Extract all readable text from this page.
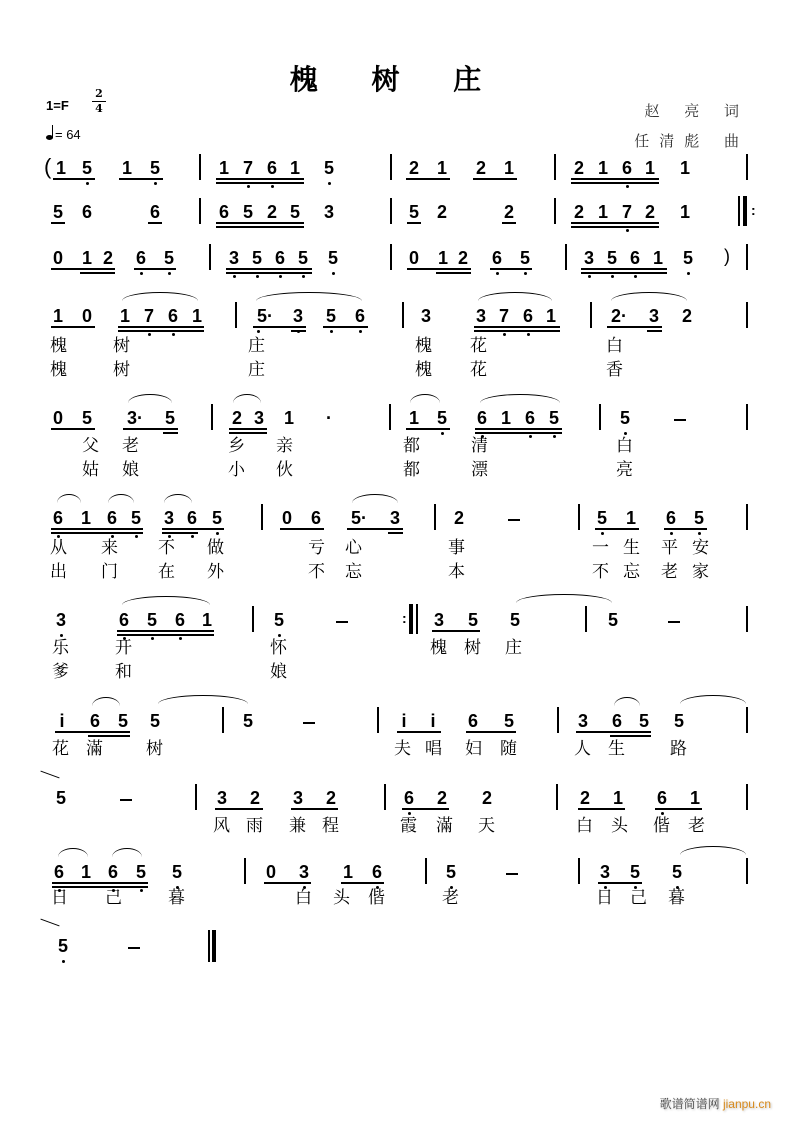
槐 树 庄
1=F
2
4
= 64
赵 亮 词
任清彪 曲
( 1 5 1 5	1 7 6 1 5	2 1 2 1	2 1 6 1 1
5 6	6	6 5 2 5 3	5 2	2	2 1 7 2 1	:
0 1 2 6 5	3 5 6 5 5	0 1 2 6 5	3 5 6 1 5 )
1 0 1 7 6 1	5· 3 5 6	3 3 7 6 1	2· 3 2
槐	树	庄	槐 花	白
槐	树	庄	槐 花	香
0 5 3· 5	2 3 1 ·	1 5 6 1 6 5	5
父 老	乡 亲	都	清	白
姑 娘	小 伙	都	漂	亮
6 1 6 5 3 6 5	0 6 5· 3	2	5 1 6 5
从 来 不 做	亏 心	事	一 生 平 安
出 门 在 外	不 忘	本	不 忘 老 家
3	6 5 6 1	5	: 3 5 5	5
乐	开	怀	槐 树 庄
爹	和	娘
i 6 5 5	5	i i 6 5	3 6 5 5
花 滿	树	夫 唱 妇 随	人 生	路
5	3 2 3 2	6 2 2	2 1 6 1
风 雨 兼 程	霞 滿 天	白 头 偕 老
6 1 6 5 5	0 3 1 6	5	3 5 5
日 己	暮	白 头 偕	老	日 己 暮
5
歌谱简谱网 jianpu.cn
